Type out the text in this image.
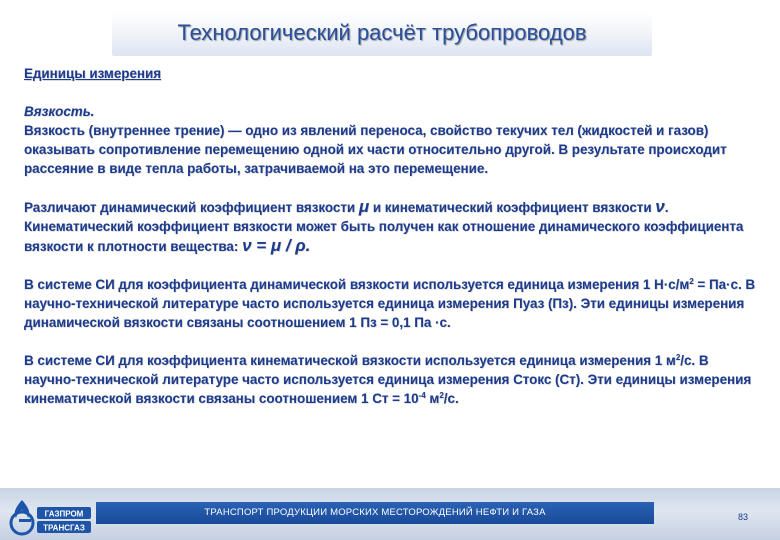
Технологический расчёт трубопроводов

Единицы измерения

Вязкость.

Вязкость (внутреннее трение) — одно из явлений переноса, свойство текучих тел (жидкостей и газов) оказывать сопротивление перемещению одной их части относительно другой. В результате происходит рассеяние в виде тепла работы, затрачиваемой на это перемещение.

Различают динамический коэффициент вязкости μ и кинематический коэффициент вязкости ν. Кинематический коэффициент вязкости может быть получен как отношение динамического коэффициента вязкости к плотности вещества: ν = μ / ρ.

В системе СИ для коэффициента динамической вязкости используется единица измерения 1 $Н\cdot с/м^2 = Па\cdot с$. В научно-технической литературе часто используется единица измерения Пуаз (Пз). Эти единицы измерения динамической вязкости связаны соотношением 1 Пз = 0,1 Па ·с.

В системе СИ для коэффициента кинематической вязкости используется единица измерения 1 $м^2/с$. В научно-технической литературе часто используется единица измерения Стокс (Ст). Эти единицы измерения кинематической вязкости связаны соотношением 1 Ст = $10^{-4}$ $м^2/с$.

ТРАНСПОРТ ПРОДУКЦИИ МОРСКИХ МЕСТОРОЖДЕНИЙ НЕФТИ И ГАЗА	83
ГАЗПРОМ
ТРАНСГАЗ
